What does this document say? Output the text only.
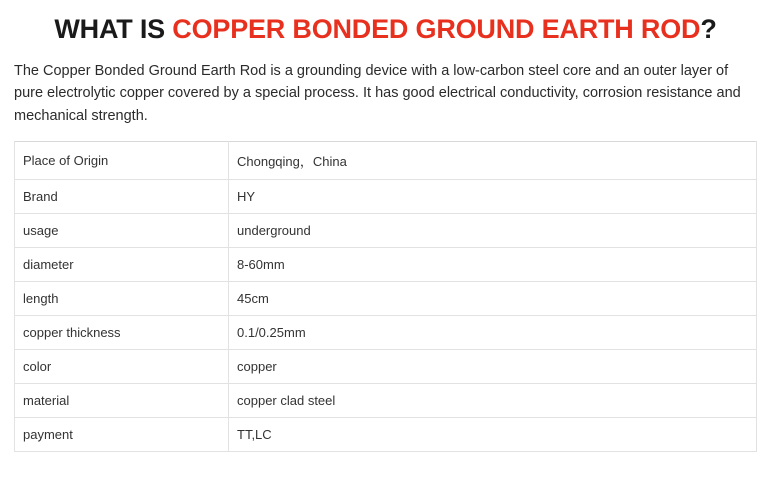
WHAT IS COPPER BONDED GROUND EARTH ROD?

The Copper Bonded Ground Earth Rod is a grounding device with a low-carbon steel core and an outer layer of pure electrolytic copper covered by a special process. It has good electrical conductivity, corrosion resistance and mechanical strength.

Place of Origin	Chongqing，China
Brand	HY
usage	underground
diameter	8-60mm
length	45cm
copper thickness	0.1/0.25mm
color	copper
material	copper clad steel
payment	TT,LC
